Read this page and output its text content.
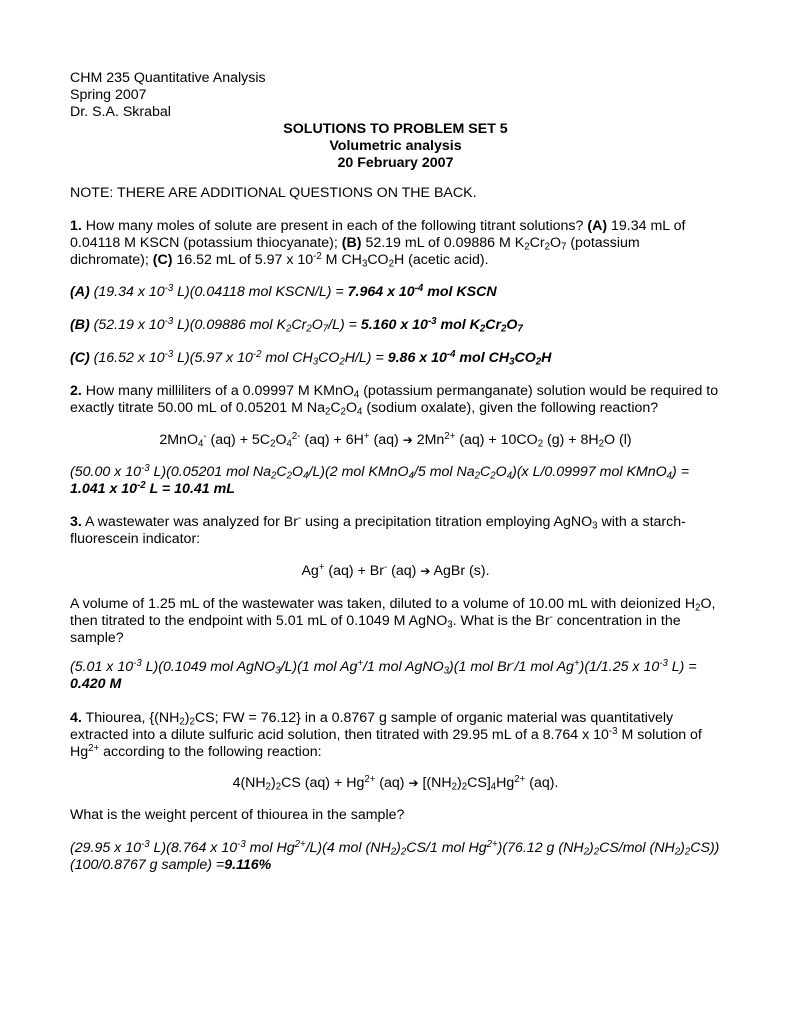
CHM 235 Quantitative Analysis
Spring 2007
Dr. S.A. Skrabal
SOLUTIONS TO PROBLEM SET 5
Volumetric analysis
20 February 2007
NOTE: THERE ARE ADDITIONAL QUESTIONS ON THE BACK.
1. How many moles of solute are present in each of the following titrant solutions? (A) 19.34 mL of 0.04118 M KSCN (potassium thiocyanate); (B) 52.19 mL of 0.09886 M $K_2Cr_2O_7$ (potassium dichromate); (C) 16.52 mL of 5.97 x $10^{-2}$ M $CH_3CO_2H$ (acetic acid).
(A) (19.34 x $10^{-3}$ L)(0.04118 mol KSCN/L) = 7.964 x $10^{-4}$ mol KSCN
(B) (52.19 x $10^{-3}$ L)(0.09886 mol $K_2Cr_2O_7/L) = 5.160$ x $10^{-3}$ mol $K_2Cr_2O_7$
(C) (16.52 x $10^{-3}$ L)(5.97 x $10^{-2}$ mol $CH_3CO_2H/L) = 9.86$ x $10^{-4}$ mol $CH_3CO_2H$
2. How many milliliters of a 0.09997 M KMnO$_4$ (potassium permanganate) solution would be required to exactly titrate 50.00 mL of 0.05201 M $Na_2C_2O_4$ (sodium oxalate), given the following reaction?
2MnO$_4$- $(aq) + 5C_2O_4^{2-}$ (aq) + 6H+ (aq) ➔ $2Mn^{2+}$ $(aq) + 10CO_2$ $(g) + 8H_2O$ (l)
(50.00 x $10^{-3}$ L)(0.05201 mol $Na_2C_2O_4/L)(2$ mol KMnO$_4$/5 mol $Na_2C_2O_4)(x$ L/0.09997 mol KMnO$_4$) =
1.041 x $10^{-2}$ L = 10.41 mL
3. A wastewater was analyzed for Br- using a precipitation titration employing AgNO$_3$ with a starch-fluorescein indicator:
Ag+ (aq) + Br- (aq) ➔ AgBr (s).
A volume of 1.25 mL of the wastewater was taken, diluted to a volume of 10.00 mL with deionized $H_2O$, then titrated to the endpoint with 5.01 mL of 0.1049 M AgNO$_3$. What is the Br- concentration in the sample?
(5.01 x $10^{-3}$ L)(0.1049 mol AgNO$_3$/L)(1 mol Ag+/1 mol AgNO$_3$)(1 mol Br-/1 mol Ag+)(1/1.25 x $10^{-3}$ L) =
0.420 M
4. Thiourea, {$(NH_2)_2CS$; FW = 76.12} in a 0.8767 g sample of organic material was quantitatively extracted into a dilute sulfuric acid solution, then titrated with 29.95 mL of a 8.764 x $10^{-3}$ M solution of $Hg^{2+}$ according to the following reaction:
$4(NH_2)_2CS$ $(aq) + Hg^{2+}$ (aq) ➔ $[(NH_2)_2CS]_4Hg^{2+}$ (aq).
What is the weight percent of thiourea in the sample?
(29.95 x $10^{-3}$ L)(8.764 x $10^{-3}$ mol $Hg^{2+}/L)(4$ mol $(NH_2)_2CS/1$ mol $Hg^{2+})(76.12$ g $(NH_2)_2CS$/mol $(NH_2)_2CS))(100/0.8767$ g sample) =9.116%
